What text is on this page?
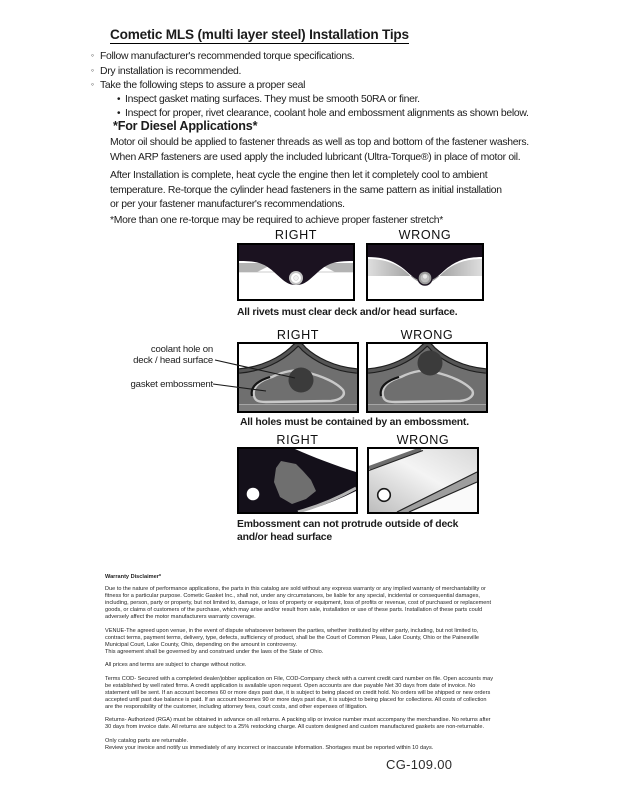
Cometic MLS (multi layer steel) Installation Tips
◦ Follow manufacturer's recommended torque specifications.
◦ Dry installation is recommended.
◦ Take the following steps to assure a proper seal
• Inspect gasket mating surfaces. They must be smooth 50RA or finer.
• Inspect for proper, rivet clearance, coolant hole and embossment alignments as shown below.
*For Diesel Applications*
Motor oil should be applied to fastener threads as well as top and bottom of the fastener washers.
When ARP fasteners are used apply the included lubricant (Ultra-Torque®) in place of motor oil.
After Installation is complete, heat cycle the engine then let it completely cool to ambient
temperature. Re-torque the cylinder head fasteners in the same pattern as initial installation
or per your fastener manufacturer's recommendations.
*More than one re-torque may be required to achieve proper fastener stretch*
RIGHT	WRONG
All rivets must clear deck and/or head surface.
RIGHT	WRONG
coolant hole on
deck / head surface
gasket embossment
All holes must be contained by an embossment.
RIGHT	WRONG
Embossment can not protrude outside of deck
and/or head surface
Warranty Disclaimer*
Due to the nature of performance applications, the parts in this catalog are sold without any express warranty or any implied warranty of merchantability or
fitness for a particular purpose. Cometic Gasket Inc., shall not, under any circumstances, be liable for any special, incidental or consequential damages,
including, person, party or property, but not limited to, damage, or loss of property or equipment, loss of profits or revenue, cost of purchased or replacement
goods, or claims of customers of the purchase, which may arise and/or result from sale, installation or use of these parts. Installation of these parts could
adversely affect the motor manufacturers warranty coverage.
VENUE-The agreed upon venue, in the event of dispute whatsoever between the parties, whether instituted by either party, including, but not limited to,
contract terms, payment terms, delivery, type, defects, sufficiency of product, shall be the Court of Common Pleas, Lake County, Ohio or the Painesville
Municipal Court, Lake County, Ohio, depending on the amount in controversy.
This agreement shall be governed by and construed under the laws of the State of Ohio.
All prices and terms are subject to change without notice.
Terms COD- Secured with a completed dealer/jobber application on File, COD-Company check with a current credit card number on file. Open accounts may
be established by well rated firms. A credit application is available upon request. Open accounts are due payable Net 30 days from date of invoice. No
statement will be sent. If an account becomes 60 or more days past due, it is subject to being placed on credit hold. No orders will be shipped or new orders
accepted until past due balance is paid. If an account becomes 90 or more days past due, it is subject to being placed for collections. All costs of collection
are the responsibility of the customer, including attorney fees, court costs, and other expenses of litigation.
Returns- Authorized (RGA) must be obtained in advance on all returns. A packing slip or invoice number must accompany the merchandise. No returns after
30 days from invoice date. All returns are subject to a 25% restocking charge. All custom designed and custom manufactured gaskets are non-returnable.
Only catalog parts are returnable.
Review your invoice and notify us immediately of any incorrect or inaccurate information. Shortages must be reported within 10 days.
CG-109.00
